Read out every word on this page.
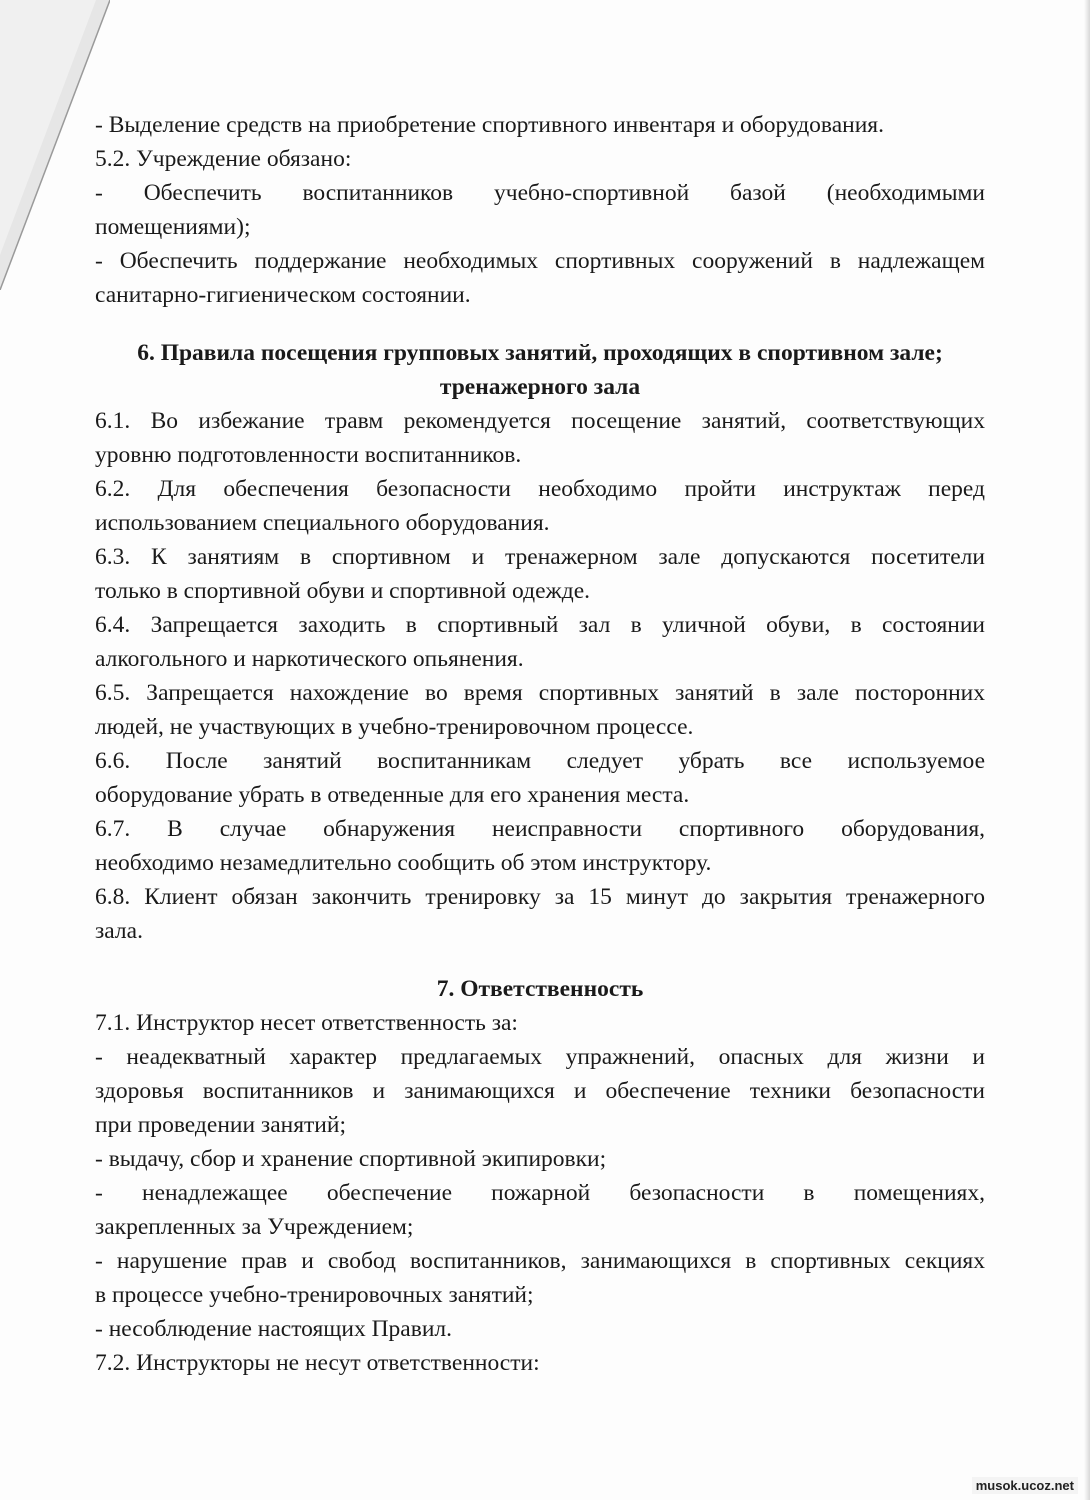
- Выделение средств на приобретение спортивного инвентаря и оборудования.
5.2. Учреждение обязано:
- Обеспечить воспитанников учебно-спортивной базой (необходимыми
помещениями);
- Обеспечить поддержание необходимых спортивных сооружений в надлежащем
санитарно-гигиеническом состоянии.
6. Правила посещения групповых занятий, проходящих в спортивном зале;
тренажерного зала
6.1. Во избежание травм рекомендуется посещение занятий, соответствующих
уровню подготовленности воспитанников.
6.2. Для обеспечения безопасности необходимо пройти инструктаж перед
использованием специального оборудования.
6.3. К занятиям в спортивном и тренажерном зале допускаются посетители
только в спортивной обуви и спортивной одежде.
6.4. Запрещается заходить в спортивный зал в уличной обуви, в состоянии
алкогольного и наркотического опьянения.
6.5. Запрещается нахождение во время спортивных занятий в зале посторонних
людей, не участвующих в учебно-тренировочном процессе.
6.6. После занятий воспитанникам следует убрать все используемое
оборудование убрать в отведенные для его хранения места.
6.7. В случае обнаружения неисправности спортивного оборудования,
необходимо незамедлительно сообщить об этом инструктору.
6.8. Клиент обязан закончить тренировку за 15 минут до закрытия тренажерного
зала.
7. Ответственность
7.1. Инструктор несет ответственность за:
- неадекватный характер предлагаемых упражнений, опасных для жизни и
здоровья воспитанников и занимающихся и обеспечение техники безопасности
при проведении занятий;
- выдачу, сбор и хранение спортивной экипировки;
- ненадлежащее обеспечение пожарной безопасности в помещениях,
закрепленных за Учреждением;
- нарушение прав и свобод воспитанников, занимающихся в спортивных секциях
в процессе учебно-тренировочных занятий;
- несоблюдение настоящих Правил.
7.2. Инструкторы не несут ответственности:
musok.ucoz.net
